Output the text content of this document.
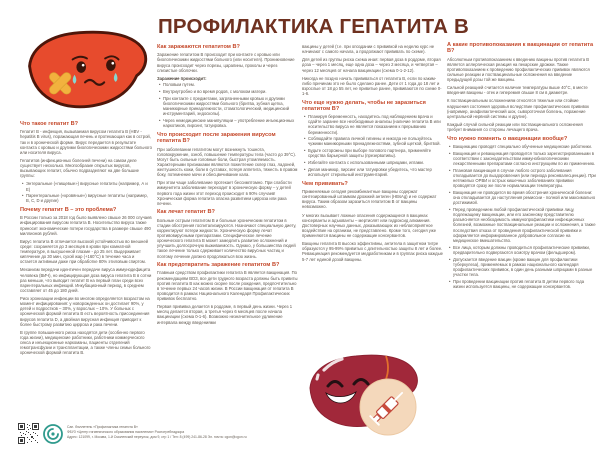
ПРОФИЛАКТИКА ГЕПАТИТА В
Что такое гепатит В?

Гепатит В - инфекция, вызываемая вирусом гепатита В (HBV - hepatitis B virus), поражающая печень и протекающая как в острой, так и в хронической форме. Вирус передается в результате контакта с кровью и другими биологическими жидкостями больного или носителя вируса.

Гепатитов (инфекционных болезней печени) на самом деле существует несколько. Многообразие открытых вирусов, вызывающих гепатит, обычно подразделяют на две большие группы:

• Энтеральные («пищевые») вирусные гепатиты (например, А и Е)
• Парентеральные («кровяные») вирусные гепатиты (например, В, С, D и другие)
Почему гепатит В – это проблема?

В России только за 2018 год было выявлено свыше 26 000 случаев инфицирования вирусом гепатита В. Носительство вируса также приносит экономические потери государства в размере свыше 490 миллионов рублей.

Вирус гепатита В отличается высокой устойчивостью во внешней среде: сохраняется до 3 месяцев в крови при комнатной температуре, в высушенной плазме - до 25 лет. Выдерживает кипячение до 30 мин, сухой жар (+160°С) в течение часа и остается активным даже при обработке 80% этиловым спиртом.

Механизм передачи идентичен передаче вируса иммунодефицита человека (ВИЧ), но инфицирующая доза вируса гепатита В в сотни раз меньше, что выводит гепатит В на первый план среди всех парентеральных инфекций. Инкубационный период, в среднем составляет от 45 до 180 дней.

Риск хронизации инфекции во многом определяется возрастом на момент инфицирования: у новорожденных он достигает 90%, у детей и подростков – 30%, у взрослых – 10%. У больных с хронической формой гепатита В есть вероятность присоединения вирусов гепатита D, а двойная вирусная инфекция приводит к более быстрому развитию цирроза и рака печени.

В группе повышенного риска находятся дети (особенно первого года жизни), медицинские работники, работники коммерческого секса и инъекционные наркоманы, пациенты отделений гемотрансфузии и трансплантации, а также члены семьи больного хронической формой гепатита В.

Как заражаются гепатитом В?

Заражение гепатитом В происходит при контакте с кровью или биологическими жидкостями больного (или носителя). Проникновение вируса происходит через порезы, царапины, проколы и через слизистые оболочки.

Заражение происходит:

• Половым путем.
• Внутриутробно и во время родов, с молоком матери.
• При контакте с предметами, загрязненными кровью и другими биологическими жидкостями больного (бритва, зубная щетка, маникюрные принадлежности, стоматологический, медицинский инструментарий, эндоскопы).
• Через немедицинские манипуляции – употребление инъекционных наркотиков, пирсинг, татуировка.
Что происходит после заражения вирусом гепатита В?

При заболевании гепатитом могут возникнуть тошнота, головокружение, озноб, повышение температуры тела (часто до 39°С). Могут быть сильные головные боли, быстрая утомляемость. Характерными признаками являются пожелтение склер глаз, ладоней, желтушность кожи, боли в суставах, потеря аппетита, тяжесть в правом боку, потемнение мочи и обесцвечивание кала.

При этом чаще заболевание протекает бессимптомно. При слабости иммунитета заболевание переходит в хроническую форму – у детей первого года жизни этот переход происходит в 90% случаев! Хроническая форма гепатита опасна развитием цирроза или рака печени.

Как лечат гепатит В?

Больные острым гепатитом В и больные хроническим гепатитом в стадии обострения госпитализируются. Назначают специальную диету, корректируют потери жидкости. Хроническую форму лечат противовирусными препаратами. Специфическое лечение хронического гепатита В может замедлить развитие осложнений и улучшить долгосрочную выживаемость. Однако, у большинства людей такое лечение только сдерживает количество вирусных частиц и поэтому лечение должно продолжаться всю жизнь.

Как предотвратить заражение гепатитом В?

Главным средством профилактики гепатита В является вакцинация. По рекомендациям ВОЗ, все дети грудного возраста должны быть привиты против гепатита В как можно скорее после рождения, предпочтительно в течение первых 24 часов жизни. В России вакцинация от гепатита В проводится в рамках Национального Календаря Профилактических прививок бесплатно.

Первая прививка делается в роддоме, в первый день жизни. Через 1 месяц делается вторая, а третья через 6 месяцев после начала вакцинации (схема 0-1-6). Возможно незначительное удлинение интервала между введениями

вакцины у детей (т.е. при опоздании с прививкой на неделю курс не начинают с самого начала, а продолжают прививать по схеме).

Для детей из группы риска схема иная: первая доза в роддоме, вторая доза – через 1 месяц, еще одна доза – через 2 месяца, и четвертая – через 12 месяцев от начала вакцинации (схема 0-1-2-12).

Никогда не поздно начать прививаться от гепатита В, если по каким-либо причинам это не было сделано ранее. Дети от 1 года до 18 лет и взрослые от 18 до 55 лет, не привитые ранее, прививаются по схеме 0-1-6.

Что еще нужно делать, чтобы не заразиться гепатитом В?
• Планируя беременность, находитесь под наблюдением врача и сдайте заранее все необходимые анализы (наличие гепатита В или носительство вируса не является показанием к прерыванию беременности).
• Соблюдайте правила личной гигиены и никогда не пользуйтесь чужими маникюрными принадлежностями, зубной щеткой, бритвой.
• Будьте осторожны при выборе полового партнера, применяйте средства барьерной защиты (презервативы).
• Избегайте контакта с использованными шприцами, иглами.
• Делая маникюр, пирсинг или татуировки убедитесь, что мастер использует стерильный инструментарий.
Чем прививать?

Применяемые сегодня рекомбинантные вакцины содержат синтезированный штаммом дрожжей антиген (HBsAg) и не содержат вируса. Таким образом заразиться гепатитом В от вакцины невозможно.

У многих вызывает ложные опасения содержащиеся в вакцинах консерванты и адъюванты – мертиолят или гидроксид алюминия. Достоверных научных данных, доказывающих их неблагоприятное воздействие на организм, не представлено. Кроме того, сегодня уже применяются вакцины не содержащие консервантов.

Вакцины гепатита В высоко эффективны, антитела в защитном титре образуются у 95-99% привитых с длительностью защиты 8 лет и более. Ревакцинация рекомендуется медработникам и в группах риска каждые 5-7 лет единой дозой вакцины.

А какие противопоказания к вакцинации от гепатита В?

Абсолютным противопоказанием к введению вакцины против гепатита В является аллергическая реакция на пекарские дрожжи. Также противопоказанием к проведению профилактических прививок являются сильные реакции и поствакцинальные осложнения на введение предыдущей дозы той же вакцины.

Сильной реакцией считается наличие температуры выше 40°С, в месте введения вакцины - отек и гиперемия свыше 8 см в диаметре.

К поствакцинальным осложнениям относятся тяжелые или стойкие нарушения состояния здоровья вследствие профилактических прививок (например, анафилактический шок, сывороточная болезнь, поражение центральной нервной системы и другие).

Каждый случай сильной реакции или поствакцинального осложнения требует внимания со стороны лечащего врача.

Что нужно помнить о вакцинации вообще?
• Вакцинацию проводят специально обученные медицинские работники.
• Вакцинация и ревакцинация проводится только зарегистрированными в соответствии с законодательством иммунобиологическими лекарственными препаратами согласно инструкциям по их применению.
• Плановая вакцинация в случае любого острого заболевания откладывается до выздоровления (или периода реконвалесценции). При нетяжелых ОРВИ и острых кишечных заболеваниях прививки проводятся сразу же после нормализации температуры.
• Вакцинация не проводится во время обострения хронической болезни: она откладывается до наступления ремиссии - полной или максимально достижимой.
• Перед проведением любой профилактической прививки лицу, подлежащему вакцинации, или его законному представителю разъясняется необходимость иммунопрофилактики инфекционных болезней, возможные поствакцинальные реакции и осложнения, а также последствия отказа от проведения профилактической прививки и оформляется информированное добровольное согласие на медицинское вмешательство.
• Все лица, которым должны проводиться профилактические прививки, предварительно подвергаются осмотру врачом (фельдшером).
• Допускается введение вакцин (кроме вакцин для профилактики туберкулеза), применяемых в рамках национального календаря профилактических прививок, в один день разными шприцами в разные участки тела.
• При проведении вакцинации против гепатита В детям первого года жизни используется вакцины, не содержащие консервантов.
Сан. бюллетень «Профилактика гепатита В»
ФБУЗ «Центр гигиенического образования населения» Роспотребнадзора
Адрес: 121099, г. Москва, 1-й Смоленский переулок, дом 9, стр 1 / Тел: 8 (499) 241-86-28 Эл. почта: cgon@cgon.ru
